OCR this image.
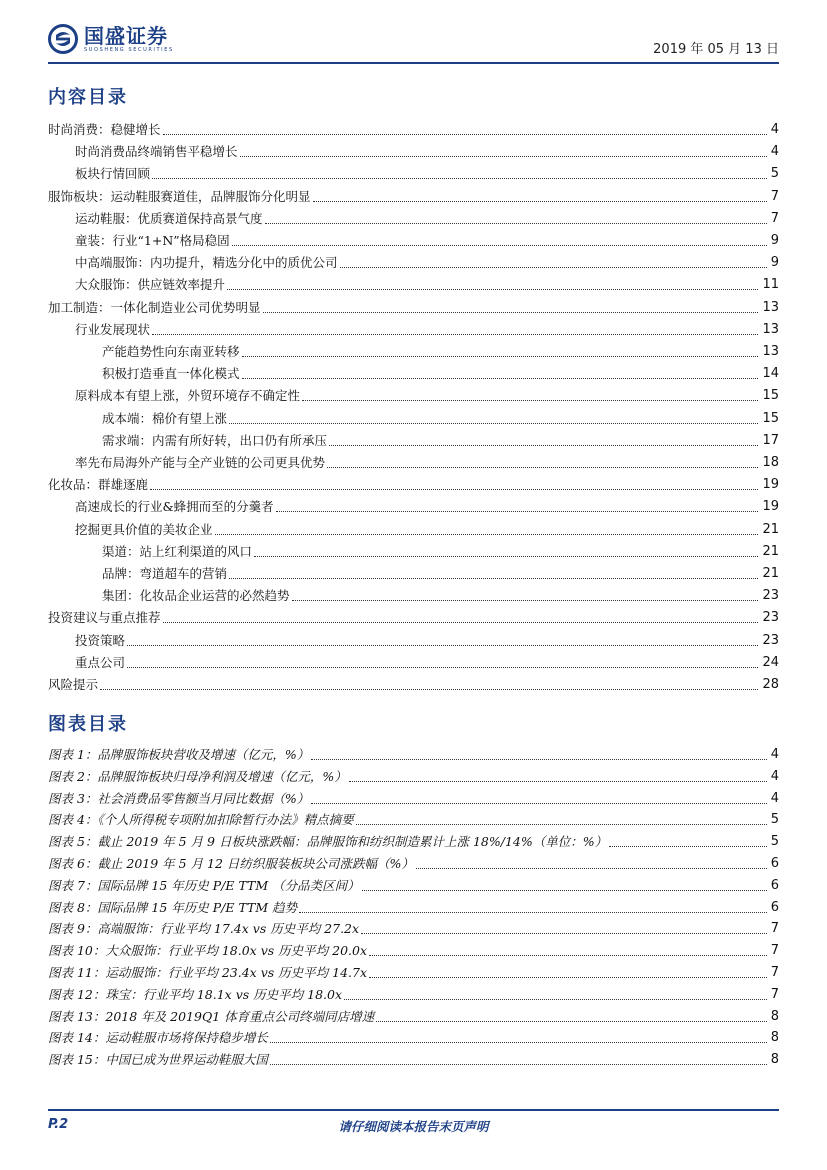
国盛证券
SUOSHENG SECURITIES	2019 年 05 月 13 日
内容目录
时尚消费：稳健增长	4
时尚消费品终端销售平稳增长	4
板块行情回顾	5
服饰板块：运动鞋服赛道佳，品牌服饰分化明显	7
运动鞋服：优质赛道保持高景气度	7
童装：行业“1+N”格局稳固	9
中高端服饰：内功提升，精选分化中的质优公司	9
大众服饰：供应链效率提升	11
加工制造：一体化制造业公司优势明显	13
行业发展现状	13
产能趋势性向东南亚转移	13
积极打造垂直一体化模式	14
原料成本有望上涨，外贸环境存不确定性	15
成本端：棉价有望上涨	15
需求端：内需有所好转，出口仍有所承压	17
率先布局海外产能与全产业链的公司更具优势	18
化妆品：群雄逐鹿	19
高速成长的行业&蜂拥而至的分羹者	19
挖掘更具价值的美妆企业	21
渠道：站上红利渠道的风口	21
品牌：弯道超车的营销	21
集团：化妆品企业运营的必然趋势	23
投资建议与重点推荐	23
投资策略	23
重点公司	24
风险提示	28
图表目录
图表 1：品牌服饰板块营收及增速（亿元，%）	4
图表 2：品牌服饰板块归母净利润及增速（亿元，%）	4
图表 3：社会消费品零售额当月同比数据（%）	4
图表 4：《个人所得税专项附加扣除暂行办法》精点摘要	5
图表 5：截止 2019 年 5 月 9 日板块涨跌幅：品牌服饰和纺织制造累计上涨 18%/14%（单位：%）	5
图表 6：截止 2019 年 5 月 12 日纺织服装板块公司涨跌幅（%）	6
图表 7：国际品牌 15 年历史 P/E TTM （分品类区间）	6
图表 8：国际品牌 15 年历史 P/E TTM 趋势	6
图表 9：高端服饰：行业平均 17.4x vs 历史平均 27.2x	7
图表 10：大众服饰：行业平均 18.0x vs 历史平均 20.0x	7
图表 11：运动服饰：行业平均 23.4x vs 历史平均 14.7x	7
图表 12：珠宝：行业平均 18.1x vs 历史平均 18.0x	7
图表 13：2018 年及 2019Q1 体育重点公司终端同店增速	8
图表 14：运动鞋服市场将保持稳步增长	8
图表 15：中国已成为世界运动鞋服大国	8
P.2	请仔细阅读本报告末页声明
